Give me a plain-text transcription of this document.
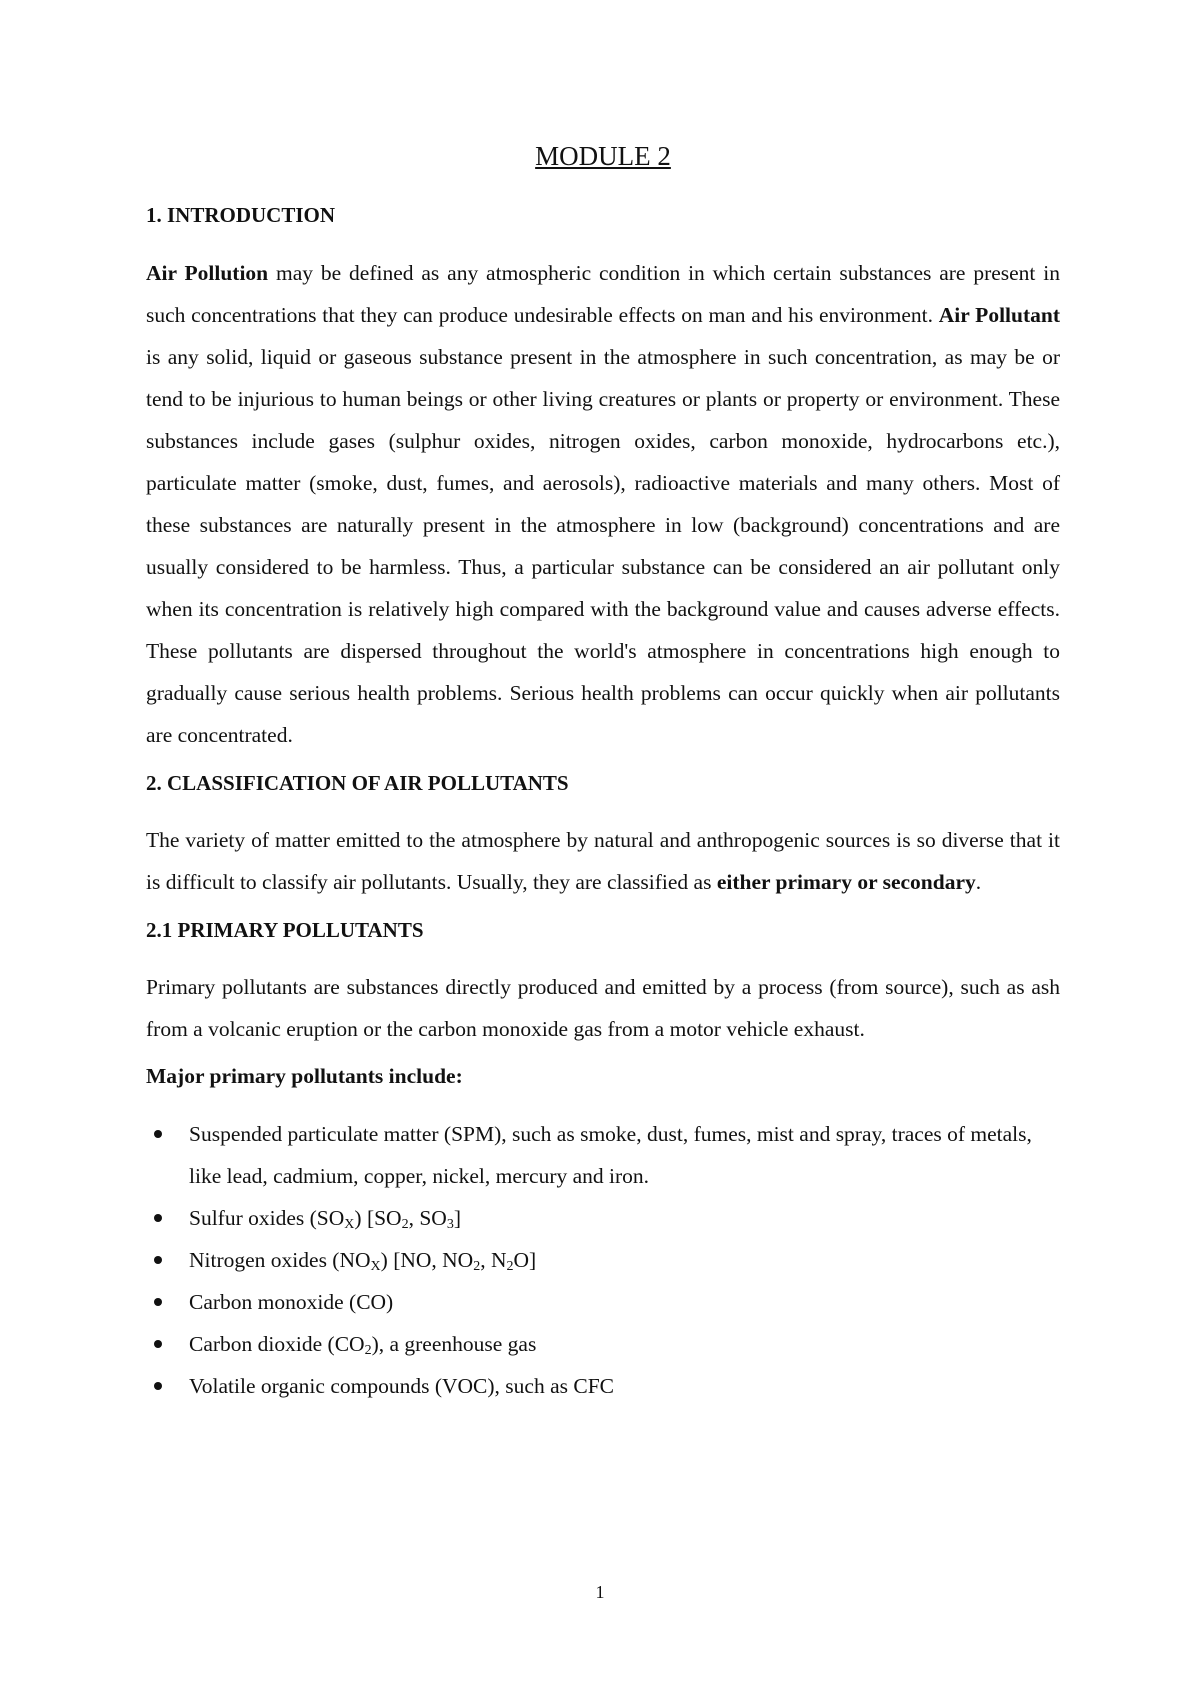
MODULE 2
1. INTRODUCTION

Air Pollution may be defined as any atmospheric condition in which certain substances are present in such concentrations that they can produce undesirable effects on man and his environment. Air Pollutant is any solid, liquid or gaseous substance present in the atmosphere in such concentration, as may be or tend to be injurious to human beings or other living creatures or plants or property or environment. These substances include gases (sulphur oxides, nitrogen oxides, carbon monoxide, hydrocarbons etc.), particulate matter (smoke, dust, fumes, and aerosols), radioactive materials and many others. Most of these substances are naturally present in the atmosphere in low (background) concentrations and are usually considered to be harmless. Thus, a particular substance can be considered an air pollutant only when its concentration is relatively high compared with the background value and causes adverse effects. These pollutants are dispersed throughout the world's atmosphere in concentrations high enough to gradually cause serious health problems. Serious health problems can occur quickly when air pollutants are concentrated.

2. CLASSIFICATION OF AIR POLLUTANTS

The variety of matter emitted to the atmosphere by natural and anthropogenic sources is so diverse that it is difficult to classify air pollutants. Usually, they are classified as either primary or secondary.

2.1 PRIMARY POLLUTANTS

Primary pollutants are substances directly produced and emitted by a process (from source), such as ash from a volcanic eruption or the carbon monoxide gas from a motor vehicle exhaust.

Major primary pollutants include:
Suspended particulate matter (SPM), such as smoke, dust, fumes, mist and spray, traces of metals, like lead, cadmium, copper, nickel, mercury and iron.
Sulfur oxides $(SO_X)$ [$SO_2$, $SO_3$]
Nitrogen oxides $(NO_X)$ [NO, $NO_2$, $N_2O$]
Carbon monoxide (CO)
Carbon dioxide $(CO_2)$, a greenhouse gas
Volatile organic compounds (VOC), such as CFC
1
